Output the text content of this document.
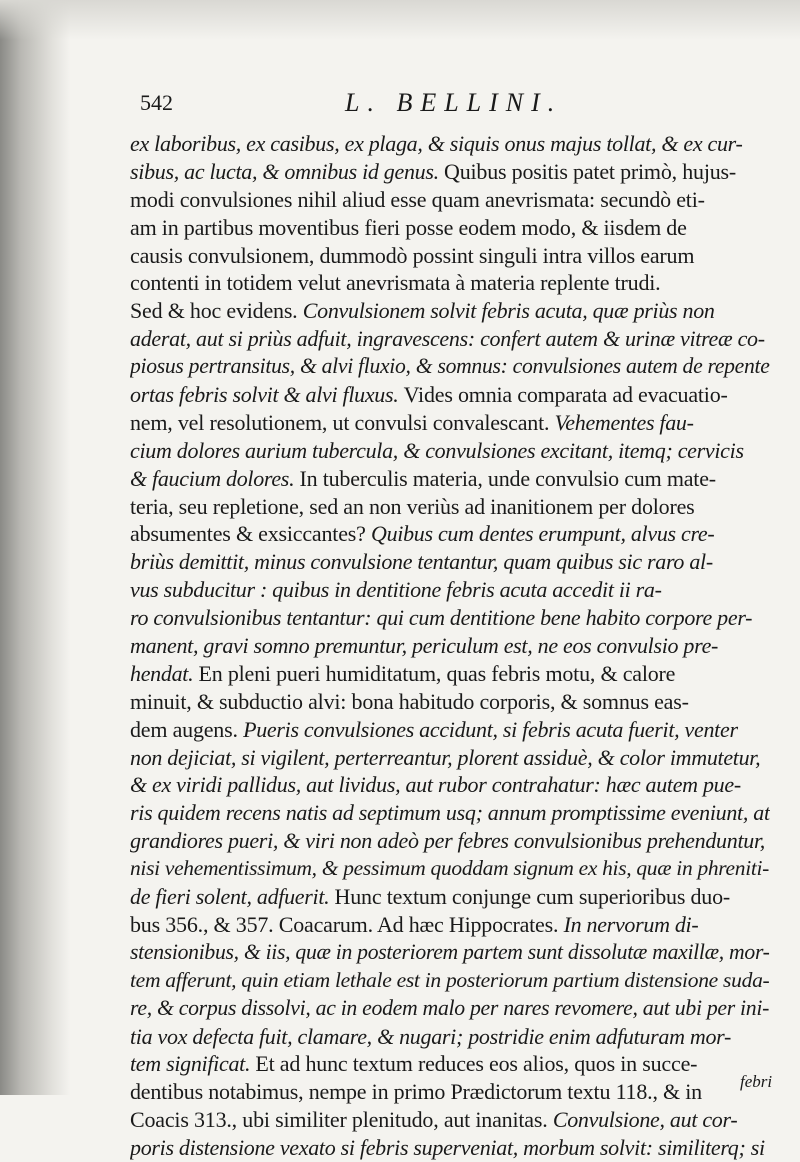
542	L. BELLINI.
ex laboribus, ex casibus, ex plaga, & siquis onus majus tollat, & ex cur-
sibus, ac lucta, & omnibus id genus. Quibus positis patet primò, hujus-
modi convulsiones nihil aliud esse quam anevrismata: secundò eti-
am in partibus moventibus fieri posse eodem modo, & iisdem de
causis convulsionem, dummodò possint singuli intra villos earum
contenti in totidem velut anevrismata à materia replente trudi.
Sed & hoc evidens. Convulsionem solvit febris acuta, quæ priùs non
aderat, aut si priùs adfuit, ingravescens: confert autem & urinæ vitreæ co-
piosus pertransitus, & alvi fluxio, & somnus: convulsiones autem de repente
ortas febris solvit & alvi fluxus. Vides omnia comparata ad evacuatio-
nem, vel resolutionem, ut convulsi convalescant. Vehementes fau-
cium dolores aurium tubercula, & convulsiones excitant, itemq; cervicis
& faucium dolores. In tuberculis materia, unde convulsio cum mate-
teria, seu repletione, sed an non veriùs ad inanitionem per dolores
absumentes & exsiccantes? Quibus cum dentes erumpunt, alvus cre-
briùs demittit, minus convulsione tentantur, quam quibus sic raro al-
vus subducitur : quibus in dentitione febris acuta accedit ii ra-
ro convulsionibus tentantur: qui cum dentitione bene habito corpore per-
manent, gravi somno premuntur, periculum est, ne eos convulsio pre-
hendat. En pleni pueri humiditatum, quas febris motu, & calore
minuit, & subductio alvi: bona habitudo corporis, & somnus eas-
dem augens. Pueris convulsiones accidunt, si febris acuta fuerit, venter
non dejiciat, si vigilent, perterreantur, plorent assiduè, & color immutetur,
& ex viridi pallidus, aut lividus, aut rubor contrahatur: hæc autem pue-
ris quidem recens natis ad septimum usq; annum promptissime eveniunt, at
grandiores pueri, & viri non adeò per febres convulsionibus prehenduntur,
nisi vehementissimum, & pessimum quoddam signum ex his, quæ in phreniti-
de fieri solent, adfuerit. Hunc textum conjunge cum superioribus duo-
bus 356., & 357. Coacarum. Ad hæc Hippocrates. In nervorum di-
stensionibus, & iis, quæ in posteriorem partem sunt dissolutæ maxillæ, mor-
tem afferunt, quin etiam lethale est in posteriorum partium distensione suda-
re, & corpus dissolvi, ac in eodem malo per nares revomere, aut ubi per ini-
tia vox defecta fuit, clamare, & nugari; postridie enim adfuturam mor-
tem significat. Et ad hunc textum reduces eos alios, quos in succe-
dentibus notabimus, nempe in primo Prædictorum textu 118., & in
Coacis 313., ubi similiter plenitudo, aut inanitas. Convulsione, aut cor-
poris distensione vexato si febris superveniat, morbum solvit: similiterq; si
febri
